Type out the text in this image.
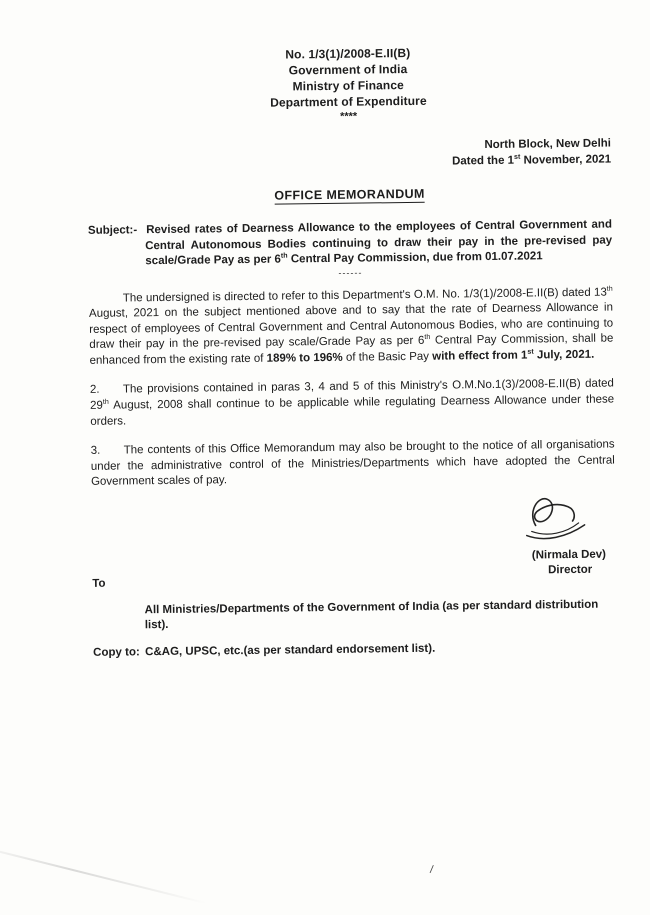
No. 1/3(1)/2008-E.II(B)
Government of India
Ministry of Finance
Department of Expenditure
****
North Block, New Delhi
Dated the 1st November, 2021
OFFICE MEMORANDUM

Subject:- Revised rates of Dearness Allowance to the employees of Central Government and Central Autonomous Bodies continuing to draw their pay in the pre-revised pay scale/Grade Pay as per 6th Central Pay Commission, due from 01.07.2021

------

The undersigned is directed to refer to this Department's O.M. No. 1/3(1)/2008-E.II(B) dated 13th August, 2021 on the subject mentioned above and to say that the rate of Dearness Allowance in respect of employees of Central Government and Central Autonomous Bodies, who are continuing to draw their pay in the pre-revised pay scale/Grade Pay as per 6th Central Pay Commission, shall be enhanced from the existing rate of 189% to 196% of the Basic Pay with effect from 1st July, 2021.

2. The provisions contained in paras 3, 4 and 5 of this Ministry's O.M.No.1(3)/2008-E.II(B) dated 29th August, 2008 shall continue to be applicable while regulating Dearness Allowance under these orders.

3. The contents of this Office Memorandum may also be brought to the notice of all organisations under the administrative control of the Ministries/Departments which have adopted the Central Government scales of pay.

(Nirmala Dev)
Director
To
All Ministries/Departments of the Government of India (as per standard distribution list).
Copy to: C&AG, UPSC, etc.(as per standard endorsement list).
/
